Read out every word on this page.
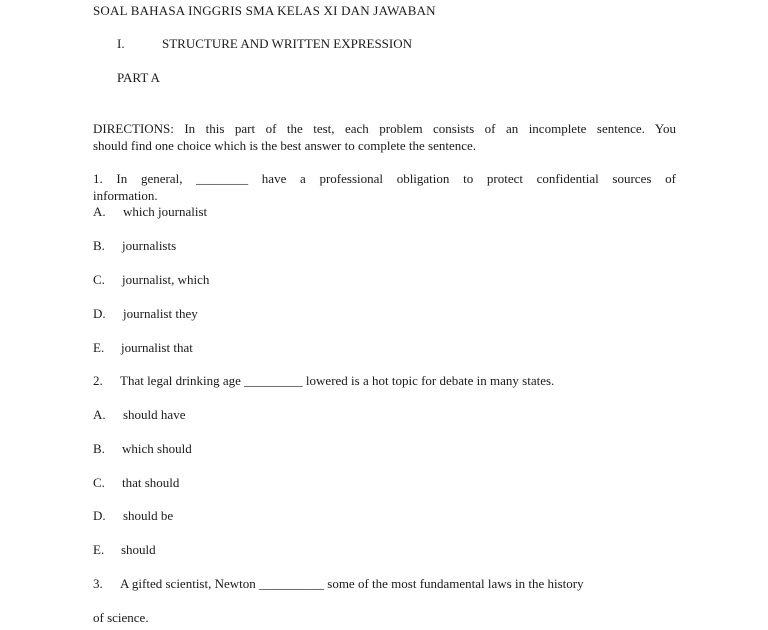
SOAL BAHASA INGGRIS SMA KELAS XI DAN JAWABAN
I.	STRUCTURE AND WRITTEN EXPRESSION
PART A
DIRECTIONS: In this part of the test, each problem consists of an incomplete sentence. You
should find one choice which is the best answer to complete the sentence.
1. In general, ________ have a professional obligation to protect confidential sources of
information.
A. which journalist
B. journalists
C. journalist, which
D. journalist they
E. journalist that
2. That legal drinking age _________ lowered is a hot topic for debate in many states.
A. should have
B. which should
C. that should
D. should be
E. should
3. A gifted scientist, Newton __________ some of the most fundamental laws in the history
of science.
